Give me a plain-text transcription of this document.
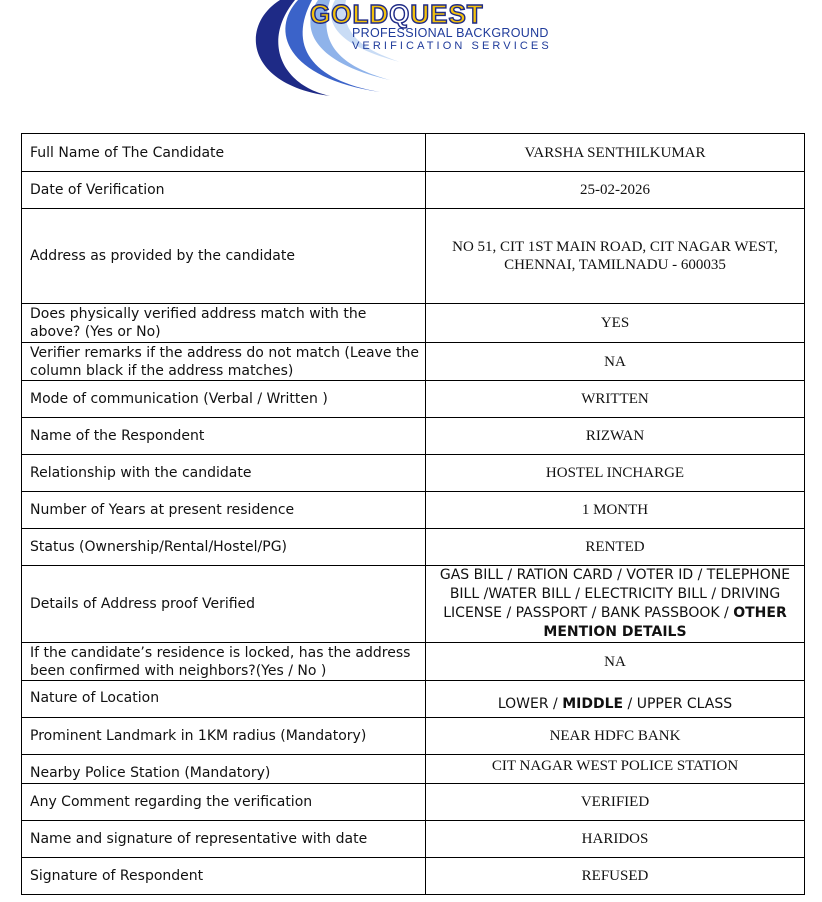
GOLDQUEST
PROFESSIONAL BACKGROUND
VERIFICATION SERVICES
Full Name of The Candidate	VARSHA SENTHILKUMAR
Date of Verification	25-02-2026
Address as provided by the candidate	NO 51, CIT 1ST MAIN ROAD, CIT NAGAR WEST, CHENNAI, TAMILNADU - 600035
Does physically verified address match with the above? (Yes or No)	YES
Verifier remarks if the address do not match (Leave the column black if the address matches)	NA
Mode of communication (Verbal / Written )	WRITTEN
Name of the Respondent	RIZWAN
Relationship with the candidate	HOSTEL INCHARGE
Number of Years at present residence	1 MONTH
Status (Ownership/Rental/Hostel/PG)	RENTED
Details of Address proof Verified	GAS BILL / RATION CARD / VOTER ID / TELEPHONE BILL /WATER BILL / ELECTRICITY BILL / DRIVING LICENSE / PASSPORT / BANK PASSBOOK / OTHER MENTION DETAILS
If the candidate’s residence is locked, has the address been confirmed with neighbors?(Yes / No )	NA
Nature of Location	LOWER / MIDDLE / UPPER CLASS
Prominent Landmark in 1KM radius (Mandatory)	NEAR HDFC BANK
Nearby Police Station (Mandatory)	CIT NAGAR WEST POLICE STATION
Any Comment regarding the verification	VERIFIED
Name and signature of representative with date	HARIDOS
Signature of Respondent	REFUSED
